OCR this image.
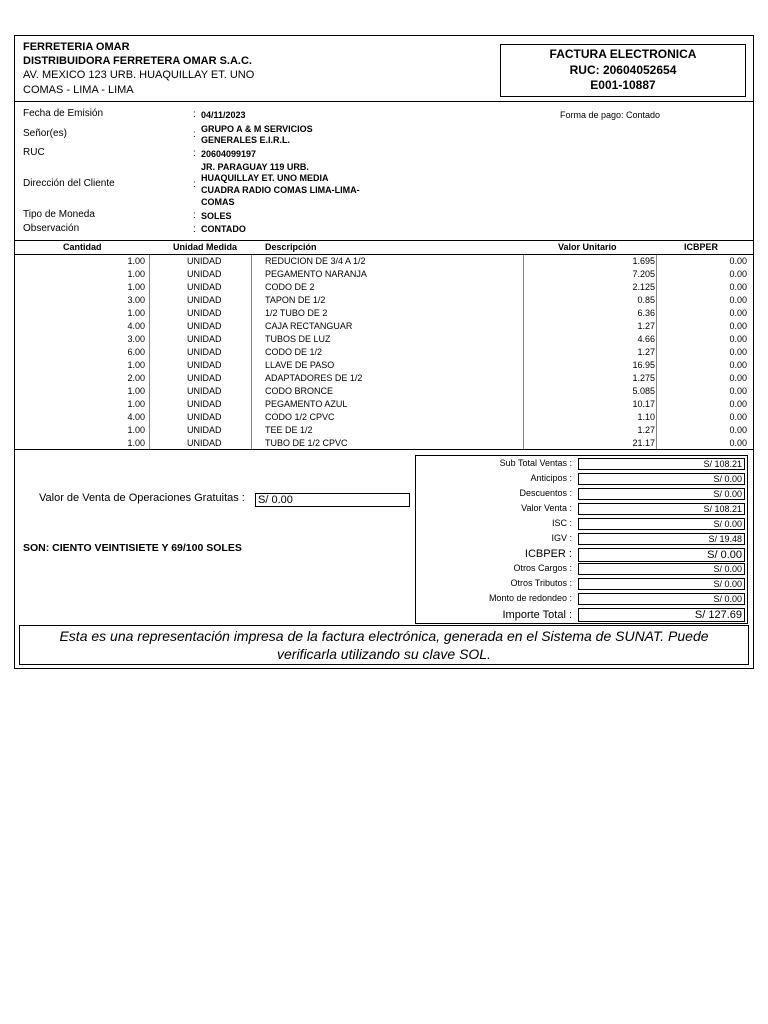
FERRETERIA OMAR
DISTRIBUIDORA FERRETERA OMAR S.A.C.
AV. MEXICO 123 URB. HUAQUILLAY ET. UNO
COMAS - LIMA - LIMA
FACTURA ELECTRONICA
RUC: 20604052654
E001-10887
Fecha de Emisión	: 04/11/2023	Forma de pago: Contado
Señor(es)	: GRUPO A & M SERVICIOS
GENERALES E.I.R.L.
RUC	: 20604099197
Dirección del Cliente	:
JR. PARAGUAY 119 URB.
HUAQUILLAY ET. UNO MEDIA
CUADRA RADIO COMAS LIMA-LIMA-
COMAS
Tipo de Moneda	: SOLES
Observación	: CONTADO
Cantidad	Unidad Medida	Descripción	Valor Unitario	ICBPER
1.00	UNIDAD	REDUCION DE 3/4 A 1/2	1.695	0.00
1.00	UNIDAD	PEGAMENTO NARANJA	7.205	0.00
1.00	UNIDAD	CODO DE 2	2.125	0.00
3.00	UNIDAD	TAPON DE 1/2	0.85	0.00
1.00	UNIDAD	1/2 TUBO DE 2	6.36	0.00
4.00	UNIDAD	CAJA RECTANGUAR	1.27	0.00
3.00	UNIDAD	TUBOS DE LUZ	4.66	0.00
6.00	UNIDAD	CODO DE 1/2	1.27	0.00
1.00	UNIDAD	LLAVE DE PASO	16.95	0.00
2.00	UNIDAD	ADAPTADORES DE 1/2	1.275	0.00
1.00	UNIDAD	CODO BRONCE	5.085	0.00
1.00	UNIDAD	PEGAMENTO AZUL	10.17	0.00
4.00	UNIDAD	CODO 1/2 CPVC	1.10	0.00
1.00	UNIDAD	TEE DE 1/2	1.27	0.00
1.00	UNIDAD	TUBO DE 1/2 CPVC	21.17	0.00
Valor de Venta de Operaciones Gratuitas : S/ 0.00
SON: CIENTO VEINTISIETE Y 69/100 SOLES
Sub Total Ventas :	S/ 108.21
Anticipos :	S/ 0.00
Descuentos :	S/ 0.00
Valor Venta :	S/ 108.21
ISC :	S/ 0.00
IGV :	S/ 19.48
ICBPER :	S/ 0.00
Otros Cargos :	S/ 0.00
Otros Tributos :	S/ 0.00
Monto de redondeo :	S/ 0.00
Importe Total :	S/ 127.69
Esta es una representación impresa de la factura electrónica, generada en el Sistema de SUNAT. Puede
verificarla utilizando su clave SOL.
